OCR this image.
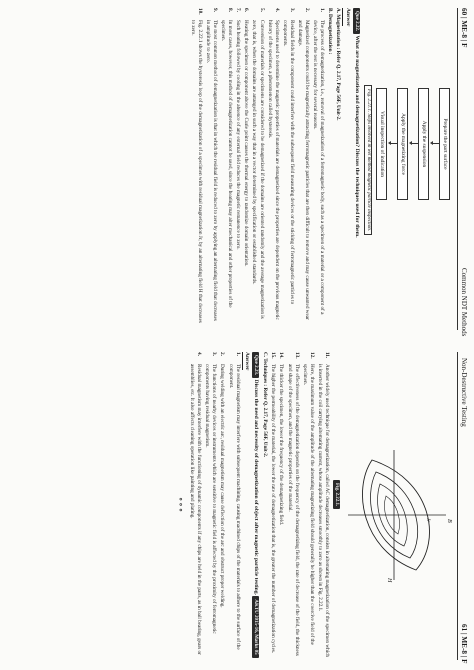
60 | ME-8 | F
Common NDT Methods
Non-Destructive Testing
61 | ME-8 | F
Prepare the part surface
Apply the suspension
Apply the magnetizing force
Visual inspection of indication
Fig. 2.21.1. Steps involved in wet method magnetic particle inspection.
Que 2.22. What are magnetization and demagnetization? Discuss the techniques used for them.
Answer

A. Magnetization : Refer Q. 2.17, Page 56F, Unit-2.

B. Demagnetization :

1.
The process of demagnetization, i.e., removal of magnetization of a ferromagnetic body, such as a specimen of a material or a component of a device, after the test is necessary for several reasons.
2.
Magnetized components could be magnetically attracting ferromagnetic particles that are then difficult to remove and may cause unwanted wear and damage.
3.
Residual fields in the component could interfere with the subsequent field measuring devices or the sticking of ferromagnetic particles to components.
4.
Specimens used to determine the magnetic properties of materials are demagnetized since the properties are dependent on the previous magnetic history of the specimen, a phenomenon called hysteresis.
5.
Conversion of materials or specimens are considered to be demagnetized if the domains are oriented randomly and the average magnetization is zero, that is, when the domains are arranged in such a way that in a vector determined by specification or established standards.
6.
Heating the specimen or component above the Curie point causes the thermal energy to randomize domain orientation.
7.
Such heating followed by cooling in the absence of any external field reduces the magnetic remanence to zero.
8.
In most cases, however, this method of demagnetization cannot be used, since the heating may alter mechanical and other properties of the specimen.
9.
The most common method of demagnetization is that in which the residual field is reduced to zero by applying an alternating field that decreases in amplitude to zero.
10.
Fig. 2.22.1 shows the hysteresis loop of the demagnetization of a specimen with residual magnetization Jr, by an alternating field H that decreases to zero.
B
H
Jr
Fig. 2.22.1.
11.
Another widely used technique for demagnetization, called AC demagnetization, consists in alternating magnetization of the specimen which is inserted in the coil carrying alternating current, whose amplitude decreases smoothly to zero as shown in Fig. 2.22.1.
12.
Here, the maximum value of the amplitude of the alternating magnetizing field should generally be higher than the coercive field of the specimen.
13.
The effectiveness of the demagnetization depends on the frequency of the demagnetizing field, the rate of decrease of the field, the thickness and shape of the specimen, and the magnetic properties of the material.
14.
The thicker the specimen, the lower the frequency of the demagnetizing field.
15.
The higher the permeability of the material, the lower the rate of demagnetization that is, the greater the number of demagnetization cycles.

C. Techniques : Refer Q. 2.17, Page 56F, Unit-2.

Que 2.23. Discuss the need and necessity of demagnetization of object after magnetic particle testing. AKTU 2015-16, Marks 05
Answer
1.
The residual magnetism may interfere with subsequent machining, causing machined chips of the materials to adhere to the surface of the component.
2.
During welding with an electric arc, residual magnetism may cause deflection of the arc and obstruct proper welding.
3.
The functions of nearby devices or instruments which are sensitive to magnetic field is affected by the proximity of ferromagnetic components having residual magnetism.
4.
Residual magnetism may interfere with the functioning of dynamic components if any chips are held in the parts, as in ball bearing, gears or assemblies, etc. It also affects cleaning operation like painting and plating.
∘∘∘
